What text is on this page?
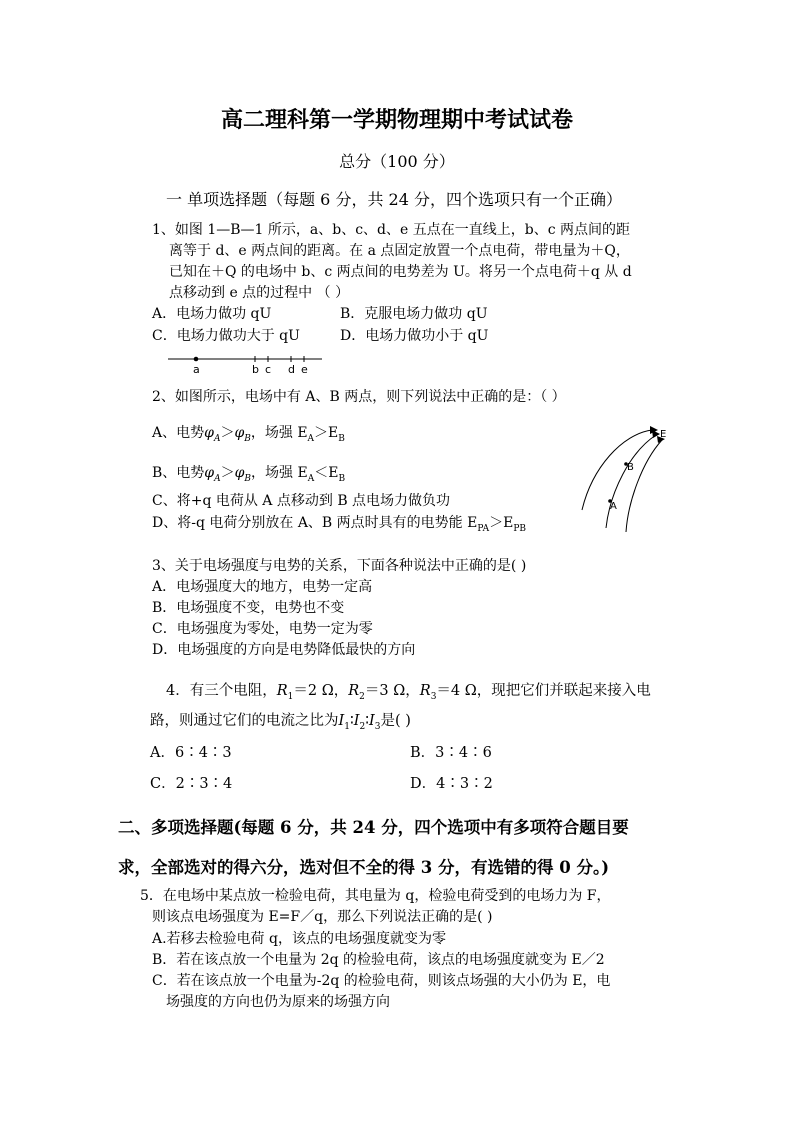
高二理科第一学期物理期中考试试卷
总分（100 分）
一 单项选择题（每题 6 分，共 24 分，四个选项只有一个正确）
1、如图 1—B—1 所示，a、b、c、d、e 五点在一直线上，b、c 两点间的距
离等于 d、e 两点间的距离。在 a 点固定放置一个点电荷，带电量为＋Q，
已知在＋Q 的电场中 b、c 两点间的电势差为 U。将另一个点电荷＋q 从 d
点移动到 e 点的过程中 （ ）
A．电场力做功 qU	B．克服电场力做功 qU
C．电场力做功大于 qU	D．电场力做功小于 qU
a	b c d e
2、如图所示，电场中有 A、B 两点，则下列说法中正确的是：（ ）
A、电势$\varphi_A>\varphi_B$，场强 $E_A>E_B$
B、电势$\varphi_A>\varphi_B$，场强 $E_A<E_B$
C、将+q 电荷从 A 点移动到 B 点电场力做负功
D、将-q 电荷分别放在 A、B 两点时具有的电势能 $E_{PA}>E_{PB}$
E
B
A
3、关于电场强度与电势的关系，下面各种说法中正确的是( )
A．电场强度大的地方，电势一定高
B．电场强度不变，电势也不变
C．电场强度为零处，电势一定为零
D．电场强度的方向是电势降低最快的方向
4．有三个电阻，$R_1=2$ Ω，$R_2=3$ Ω，$R_3=4$ Ω，现把它们并联起来接入电
路，则通过它们的电流之比为$I_1∶I_2∶I_3$是( )
A．6∶4∶3	B．3∶4∶6
C．2∶3∶4	D．4∶3∶2
二、多项选择题(每题 6 分，共 24 分，四个选项中有多项符合题目要
求，全部选对的得六分，选对但不全的得 3 分，有选错的得 0 分。)
5．在电场中某点放一检验电荷，其电量为 q，检验电荷受到的电场力为 F，
则该点电场强度为 E=F／q，那么下列说法正确的是( )
A.若移去检验电荷 q，该点的电场强度就变为零
B．若在该点放一个电量为 2q 的检验电荷，该点的电场强度就变为 E／2
C．若在该点放一个电量为-2q 的检验电荷，则该点场强的大小仍为 E，电
场强度的方向也仍为原来的场强方向
